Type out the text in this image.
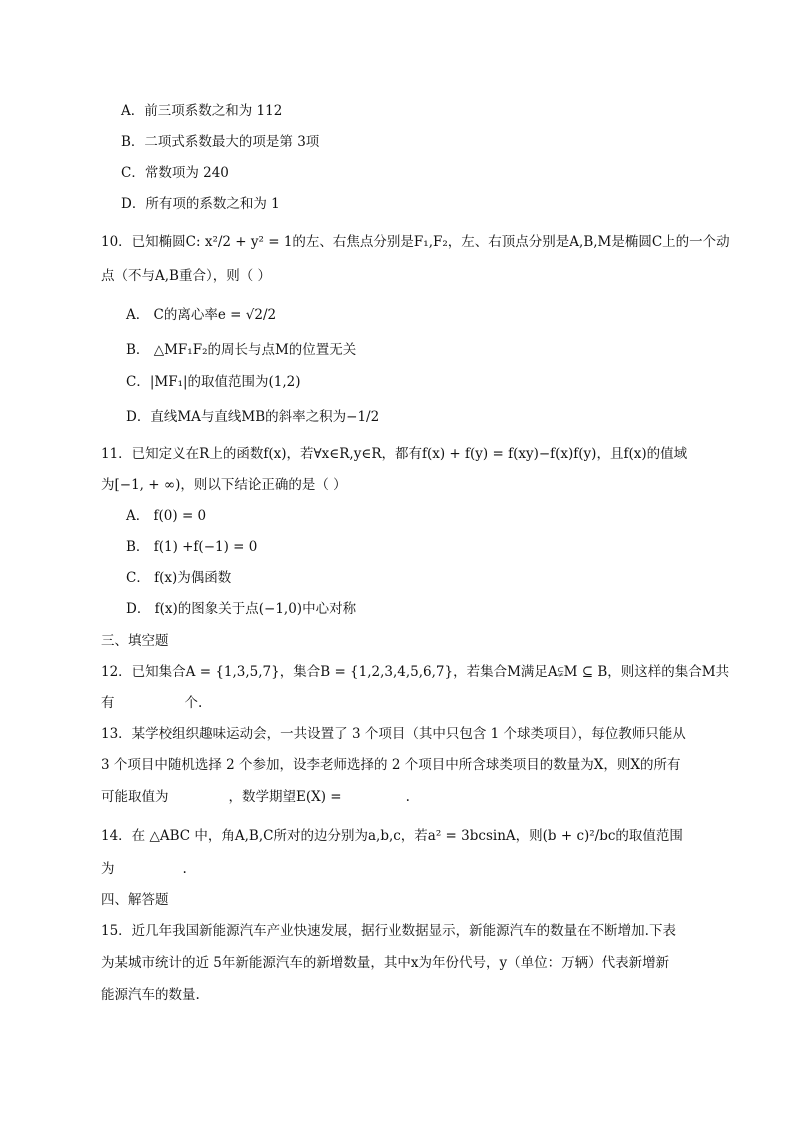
A．前三项系数之和为 112
B．二项式系数最大的项是第 3项
C．常数项为 240
D．所有项的系数之和为 1
10．已知椭圆C: x²/2 + y² = 1的左、右焦点分别是F₁,F₂，左、右顶点分别是A,B,M是椭圆C上的一个动
点（不与A,B重合），则（ ）
A． C的离心率e = √2/2
B． △MF₁F₂的周长与点M的位置无关
C．|MF₁|的取值范围为(1,2)
D．直线MA与直线MB的斜率之积为−1/2
11．已知定义在R上的函数f(x)，若∀x∈R,y∈R，都有f(x) + f(y) = f(xy)−f(x)f(y)，且f(x)的值域
为[−1, + ∞)，则以下结论正确的是（ ）
A． f(0) = 0
B． f(1) +f(−1) = 0
C． f(x)为偶函数
D． f(x)的图象关于点(−1,0)中心对称
三、填空题
12．已知集合A = {1,3,5,7}，集合B = {1,2,3,4,5,6,7}，若集合M满足A⫋M ⊆ B，则这样的集合M共
有	个.
13．某学校组织趣味运动会，一共设置了 3 个项目（其中只包含 1 个球类项目），每位教师只能从
3 个项目中随机选择 2 个参加，设李老师选择的 2 个项目中所含球类项目的数量为X，则X的所有
可能取值为	，数学期望E(X) =	.
14．在 △ABC 中，角A,B,C所对的边分别为a,b,c，若a² = 3bcsinA，则(b + c)²/bc的取值范围
为	.
四、解答题
15．近几年我国新能源汽车产业快速发展，据行业数据显示，新能源汽车的数量在不断增加.下表
为某城市统计的近 5年新能源汽车的新增数量，其中x为年份代号，y（单位：万辆）代表新增新
能源汽车的数量.
